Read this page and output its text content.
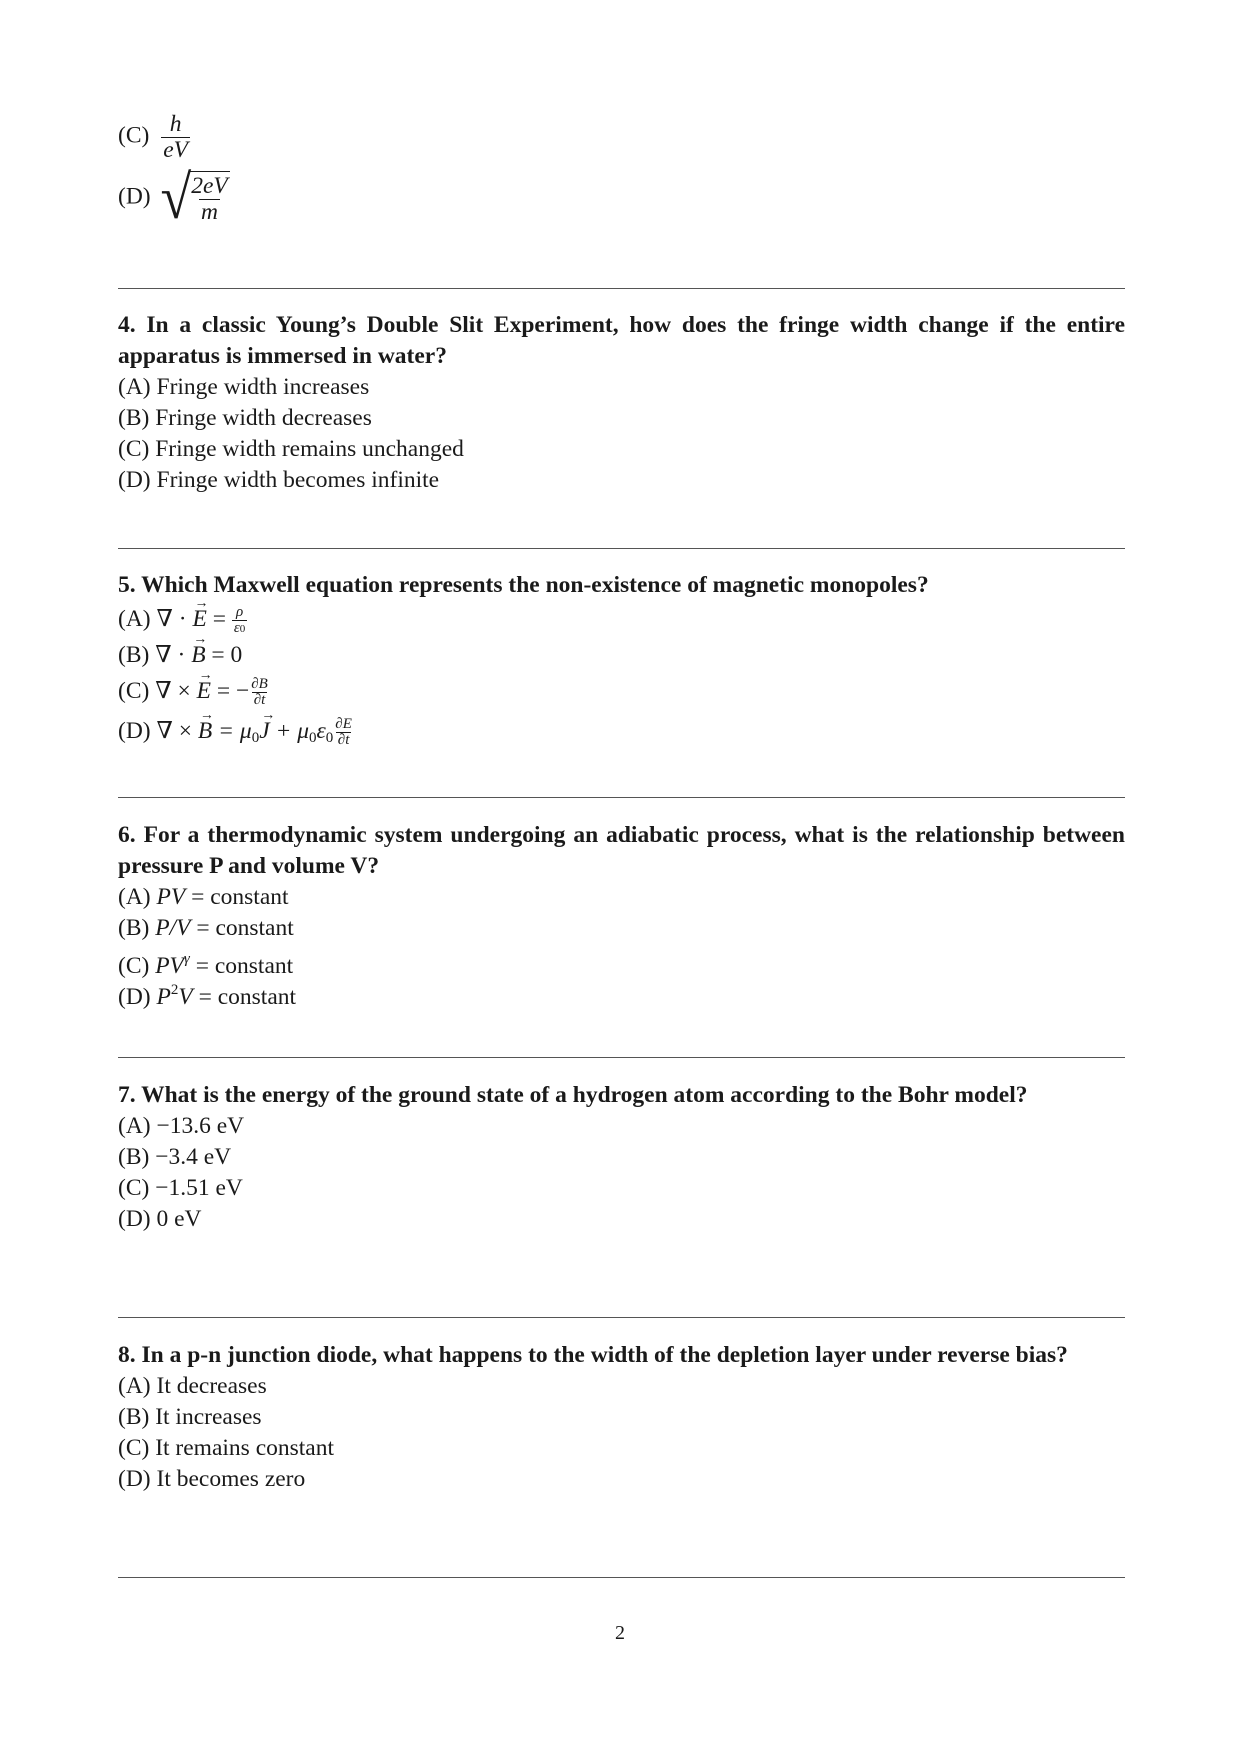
$(C) \frac{h}{eV}$
(D) √
$\frac{2eV}{m}$
4. In a classic Young’s Double Slit Experiment, how does the fringe width change if the entire apparatus is immersed in water?
(A) Fringe width increases
(B) Fringe width decreases
(C) Fringe width remains unchanged
(D) Fringe width becomes infinite
5. Which Maxwell equation represents the non-existence of magnetic monopoles?
(A) ∇ · → $E = \frac{\rho}{\varepsilon 0}$
(B) ∇ · → B = 0
(C) ∇ × → E = − $\frac{\partial B}{\partial t}$
(D) ∇ × → $B = \mu_0\to J + \mu_0\varepsilon_0 \frac{\partial E}{\partial t}$
6. For a thermodynamic system undergoing an adiabatic process, what is the relationship between pressure P and volume V?
(A) PV = constant
(B) P/V = constant
(C) $PV^\gamma$ = constant
(D) $P^2V$ = constant
7. What is the energy of the ground state of a hydrogen atom according to the Bohr model?
(A) −13.6 eV
(B) −3.4 eV
(C) −1.51 eV
(D) 0 eV
8. In a p-n junction diode, what happens to the width of the depletion layer under reverse bias?
(A) It decreases
(B) It increases
(C) It remains constant
(D) It becomes zero
2
